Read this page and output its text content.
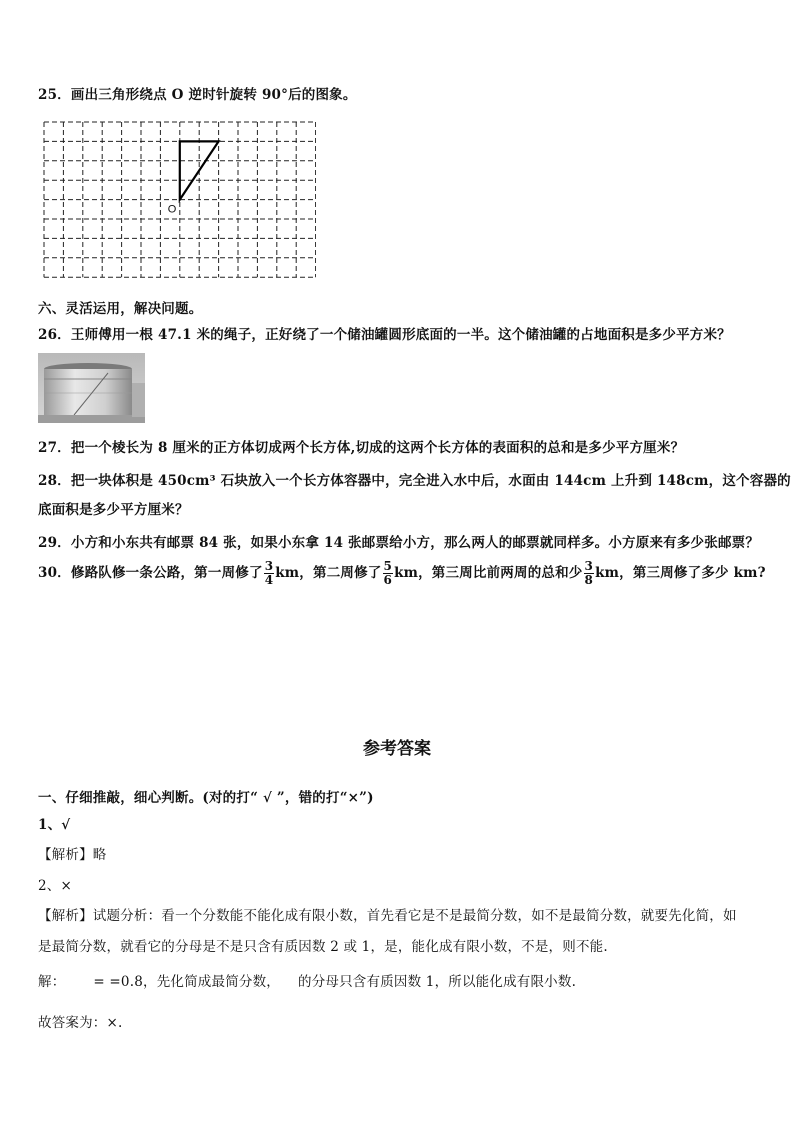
25．画出三角形绕点 O 逆时针旋转 90°后的图象。
O
六、灵活运用，解决问题。
26．王师傅用一根 47.1 米的绳子，正好绕了一个储油罐圆形底面的一半。这个储油罐的占地面积是多少平方米？
27．把一个棱长为 8 厘米的正方体切成两个长方体,切成的这两个长方体的表面积的总和是多少平方厘米？
28．把一块体积是 450cm³ 石块放入一个长方体容器中，完全进入水中后，水面由 144cm 上升到 148cm，这个容器的
底面积是多少平方厘米？
29．小方和小东共有邮票 84 张，如果小东拿 14 张邮票给小方，那么两人的邮票就同样多。小方原来有多少张邮票？
30．修路队修一条公路，第一周修了 $\frac{3}{4}$ km，第二周修了 $\frac{5}{6}$ km，第三周比前两周的总和少 $\frac{3}{8}$ km，第三周修了多少 km?
参考答案
一、仔细推敲，细心判断。(对的打“ √ ”，错的打“×”)
1、√
【解析】略
2、×
【解析】试题分析：看一个分数能不能化成有限小数，首先看它是不是最简分数，如不是最简分数，就要先化简，如
是最简分数，就看它的分母是不是只含有质因数 2 或 1，是，能化成有限小数，不是，则不能.
解： = =0.8，先化简成最简分数， 的分母只含有质因数 1，所以能化成有限小数.
故答案为：×.
